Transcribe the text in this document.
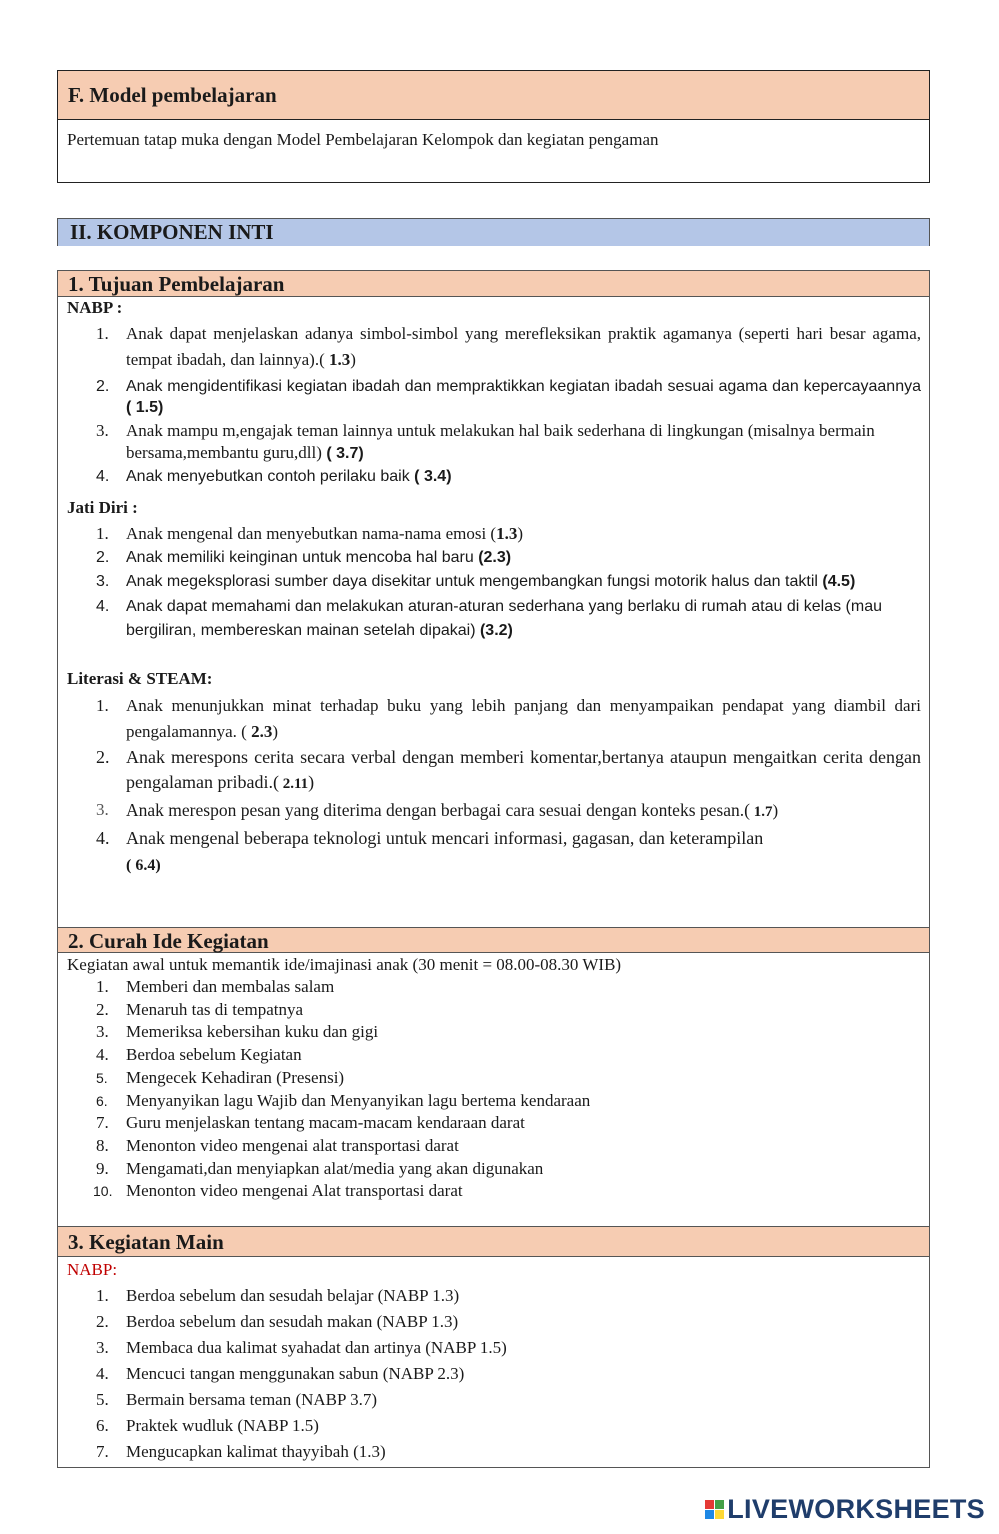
F. Model pembelajaran
Pertemuan tatap muka dengan Model Pembelajaran Kelompok dan kegiatan pengaman
II. KOMPONEN INTI
1. Tujuan Pembelajaran
NABP :
1.	Anak dapat menjelaskan adanya simbol-simbol yang merefleksikan praktik agamanya (seperti hari besar agama, tempat ibadah, dan lainnya).( 1.3)
2.	Anak mengidentifikasi kegiatan ibadah dan mempraktikkan kegiatan ibadah sesuai agama dan kepercayaannya ( 1.5)
3.	Anak mampu m,engajak teman lainnya untuk melakukan hal baik sederhana di lingkungan (misalnya bermain bersama,membantu guru,dll) ( 3.7)
4.	Anak menyebutkan contoh perilaku baik ( 3.4)
Jati Diri :
1.	Anak mengenal dan menyebutkan nama-nama emosi (1.3)
2.	Anak memiliki keinginan untuk mencoba hal baru (2.3)
3.	Anak megeksplorasi sumber daya disekitar untuk mengembangkan fungsi motorik halus dan taktil (4.5)
4.	Anak dapat memahami dan melakukan aturan-aturan sederhana yang berlaku di rumah atau di kelas (mau bergiliran, membereskan mainan setelah dipakai) (3.2)
Literasi & STEAM:
1.	Anak menunjukkan minat terhadap buku yang lebih panjang dan menyampaikan pendapat yang diambil dari pengalamannya. ( 2.3)
2. Anak merespons cerita secara verbal dengan memberi komentar,bertanya ataupun mengaitkan cerita dengan pengalaman pribadi.( 2.11)
3. Anak merespon pesan yang diterima dengan berbagai cara sesuai dengan konteks pesan.( 1.7)
4. Anak mengenal beberapa teknologi untuk mencari informasi, gagasan, dan keterampilan
( 6.4)
2. Curah Ide Kegiatan
Kegiatan awal untuk memantik ide/imajinasi anak (30 menit = 08.00-08.30 WIB)
1.	Memberi dan membalas salam
2.	Menaruh tas di tempatnya
3.	Memeriksa kebersihan kuku dan gigi
4.	Berdoa sebelum Kegiatan
5.	Mengecek Kehadiran (Presensi)
6.	Menyanyikan lagu Wajib dan Menyanyikan lagu bertema kendaraan
7.	Guru menjelaskan tentang macam-macam kendaraan darat
8.	Menonton video mengenai alat transportasi darat
9.	Mengamati,dan menyiapkan alat/media yang akan digunakan
10. Menonton video mengenai Alat transportasi darat
3. Kegiatan Main
NABP:
1.	Berdoa sebelum dan sesudah belajar (NABP 1.3)
2.	Berdoa sebelum dan sesudah makan (NABP 1.3)
3.	Membaca dua kalimat syahadat dan artinya (NABP 1.5)
4.	Mencuci tangan menggunakan sabun (NABP 2.3)
5.	Bermain bersama teman (NABP 3.7)
6.	Praktek wudluk (NABP 1.5)
7.	Mengucapkan kalimat thayyibah (1.3)
LIVEWORKSHEETS
